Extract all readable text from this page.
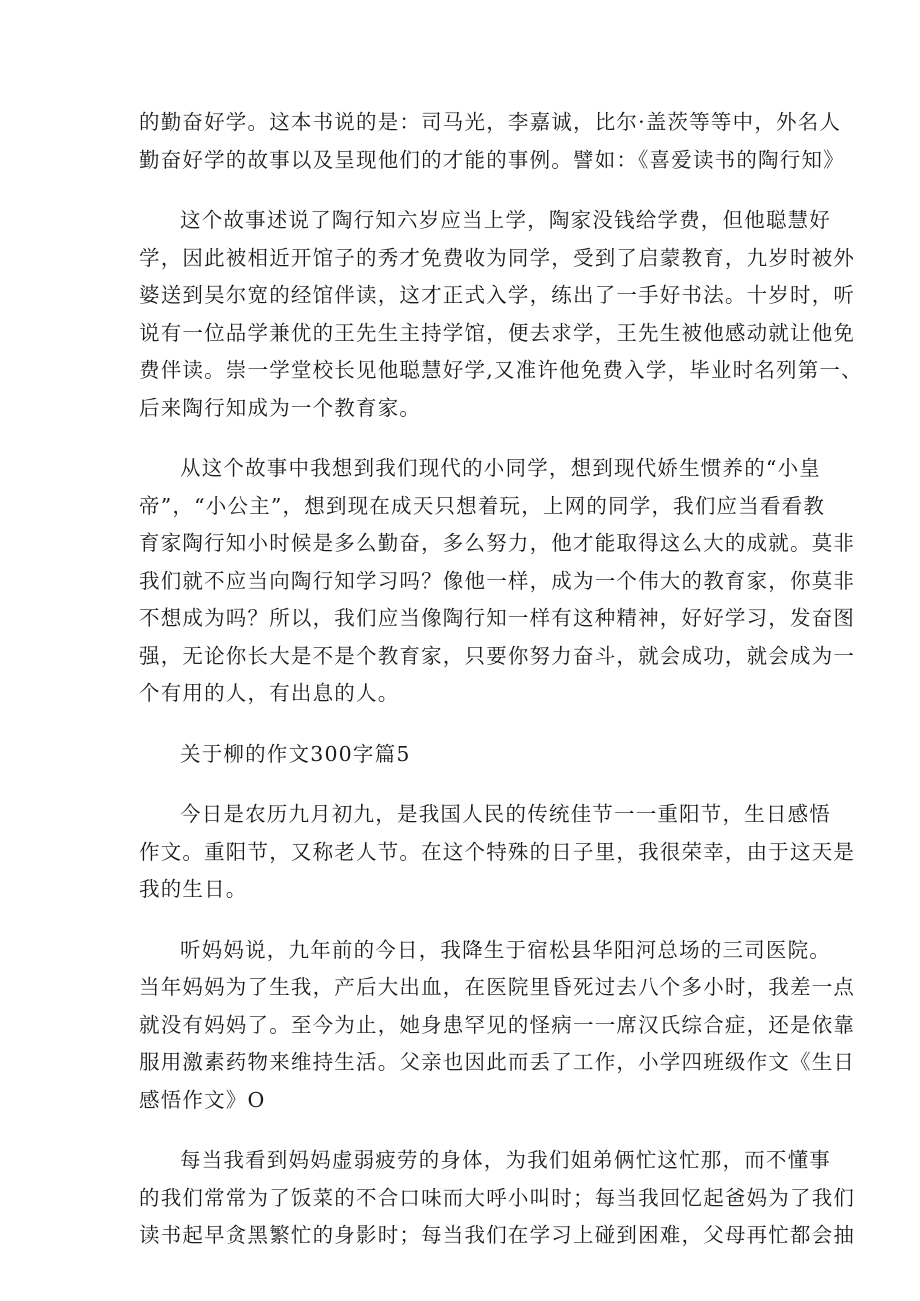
的勤奋好学。这本书说的是：司马光，李嘉诚，比尔·盖茨等等中，外名人
勤奋好学的故事以及呈现他们的才能的事例。譬如：《喜爱读书的陶行知》

这个故事述说了陶行知六岁应当上学，陶家没钱给学费，但他聪慧好
学，因此被相近开馆子的秀才免费收为同学，受到了启蒙教育，九岁时被外
婆送到吴尔宽的经馆伴读，这才正式入学，练出了一手好书法。十岁时，听
说有一位品学兼优的王先生主持学馆，便去求学，王先生被他感动就让他免
费伴读。崇一学堂校长见他聪慧好学,又准许他免费入学，毕业时名列第一、
后来陶行知成为一个教育家。

从这个故事中我想到我们现代的小同学，想到现代娇生惯养的“小皇
帝”，“小公主”，想到现在成天只想着玩，上网的同学，我们应当看看教
育家陶行知小时候是多么勤奋，多么努力，他才能取得这么大的成就。莫非
我们就不应当向陶行知学习吗？像他一样，成为一个伟大的教育家，你莫非
不想成为吗？所以，我们应当像陶行知一样有这种精神，好好学习，发奋图
强，无论你长大是不是个教育家，只要你努力奋斗，就会成功，就会成为一
个有用的人，有出息的人。

关于柳的作文300字篇5

今日是农历九月初九，是我国人民的传统佳节一一重阳节，生日感悟
作文。重阳节，又称老人节。在这个特殊的日子里，我很荣幸，由于这天是
我的生日。

听妈妈说，九年前的今日，我降生于宿松县华阳河总场的三司医院。
当年妈妈为了生我，产后大出血，在医院里昏死过去八个多小时，我差一点
就没有妈妈了。至今为止，她身患罕见的怪病一一席汉氏综合症，还是依靠
服用激素药物来维持生活。父亲也因此而丢了工作，小学四班级作文《生日
感悟作文》O

每当我看到妈妈虚弱疲劳的身体，为我们姐弟俩忙这忙那，而不懂事
的我们常常为了饭菜的不合口味而大呼小叫时；每当我回忆起爸妈为了我们
读书起早贪黑繁忙的身影时；每当我们在学习上碰到困难，父母再忙都会抽
